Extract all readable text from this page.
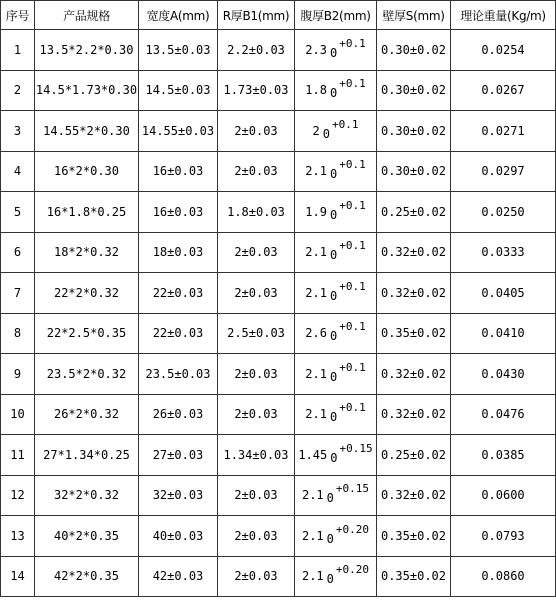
序号	产品规格	宽度A(mm)	R厚B1(mm)	腹厚B2(mm)	壁厚S(mm)	理论重量(Kg/m)
1	13.5*2.2*0.30	13.5±0.03	2.2±0.03	2.3 0+0.1	0.30±0.02	0.0254
2	14.5*1.73*0.30	14.5±0.03	1.73±0.03	1.8 0+0.1	0.30±0.02	0.0267
3	14.55*2*0.30	14.55±0.03	2±0.03	2 0+0.1	0.30±0.02	0.0271
4	16*2*0.30	16±0.03	2±0.03	2.1 0+0.1	0.30±0.02	0.0297
5	16*1.8*0.25	16±0.03	1.8±0.03	1.9 0+0.1	0.25±0.02	0.0250
6	18*2*0.32	18±0.03	2±0.03	2.1 0+0.1	0.32±0.02	0.0333
7	22*2*0.32	22±0.03	2±0.03	2.1 0+0.1	0.32±0.02	0.0405
8	22*2.5*0.35	22±0.03	2.5±0.03	2.6 0+0.1	0.35±0.02	0.0410
9	23.5*2*0.32	23.5±0.03	2±0.03	2.1 0+0.1	0.32±0.02	0.0430
10	26*2*0.32	26±0.03	2±0.03	2.1 0+0.1	0.32±0.02	0.0476
11	27*1.34*0.25	27±0.03	1.34±0.03	1.45 0+0.15	0.25±0.02	0.0385
12	32*2*0.32	32±0.03	2±0.03	2.1 0+0.15	0.32±0.02	0.0600
13	40*2*0.35	40±0.03	2±0.03	2.1 0+0.20	0.35±0.02	0.0793
14	42*2*0.35	42±0.03	2±0.03	2.1 0+0.20	0.35±0.02	0.0860
